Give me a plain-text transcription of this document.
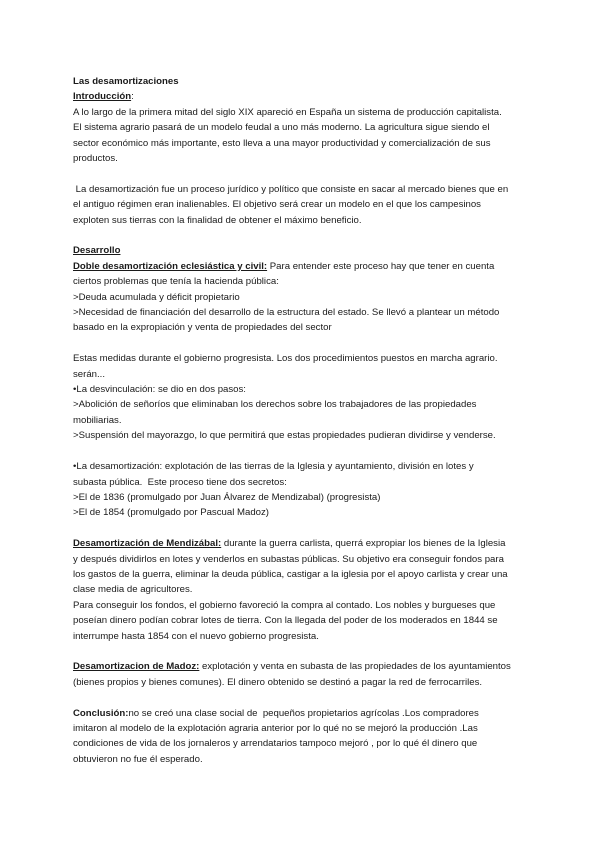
Las desamortizaciones
Introducción:
A lo largo de la primera mitad del siglo XIX apareció en España un sistema de producción capitalista.
El sistema agrario pasará de un modelo feudal a uno más moderno. La agricultura sigue siendo el
sector económico más importante, esto lleva a una mayor productividad y comercialización de sus
productos.
La desamortización fue un proceso jurídico y político que consiste en sacar al mercado bienes que en
el antiguo régimen eran inalienables. El objetivo será crear un modelo en el que los campesinos
exploten sus tierras con la finalidad de obtener el máximo beneficio.
Desarrollo
Doble desamortización eclesiástica y civil: Para entender este proceso hay que tener en cuenta
ciertos problemas que tenía la hacienda pública:
>Deuda acumulada y déficit propietario
>Necesidad de financiación del desarrollo de la estructura del estado. Se llevó a plantear un método
basado en la expropiación y venta de propiedades del sector
Estas medidas durante el gobierno progresista. Los dos procedimientos puestos en marcha agrario.
serán...
•La desvinculación: se dio en dos pasos:
>Abolición de señoríos que eliminaban los derechos sobre los trabajadores de las propiedades
mobiliarias.
>Suspensión del mayorazgo, lo que permitirá que estas propiedades pudieran dividirse y venderse.
•La desamortización: explotación de las tierras de la Iglesia y ayuntamiento, división en lotes y
subasta pública.  Este proceso tiene dos secretos:
>El de 1836 (promulgado por Juan Álvarez de Mendizabal) (progresista)
>El de 1854 (promulgado por Pascual Madoz)
Desamortización de Mendizábal: durante la guerra carlista, querrá expropiar los bienes de la Iglesia
y después dividirlos en lotes y venderlos en subastas públicas. Su objetivo era conseguir fondos para
los gastos de la guerra, eliminar la deuda pública, castigar a la iglesia por el apoyo carlista y crear una
clase media de agricultores.
Para conseguir los fondos, el gobierno favoreció la compra al contado. Los nobles y burgueses que
poseían dinero podían cobrar lotes de tierra. Con la llegada del poder de los moderados en 1844 se
interrumpe hasta 1854 con el nuevo gobierno progresista.
Desamortizacion de Madoz: explotación y venta en subasta de las propiedades de los ayuntamientos
(bienes propios y bienes comunes). El dinero obtenido se destinó a pagar la red de ferrocarriles.
Conclusión:no se creó una clase social de  pequeños propietarios agrícolas .Los compradores
imitaron al modelo de la explotación agraria anterior por lo qué no se mejoró la producción .Las
condiciones de vida de los jornaleros y arrendatarios tampoco mejoró , por lo qué él dinero que
obtuvieron no fue él esperado.
